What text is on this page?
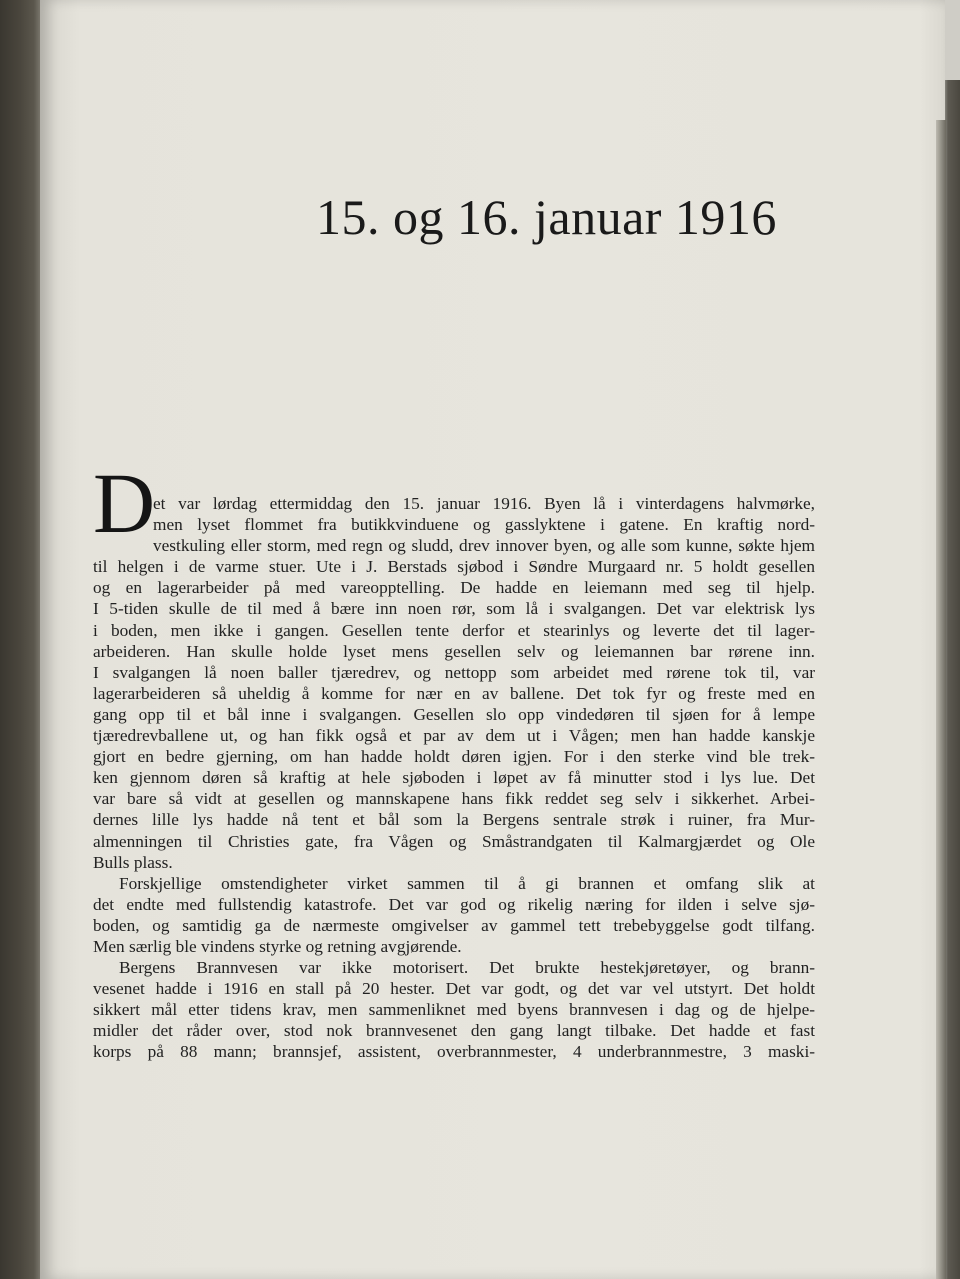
15. og 16. januar 1916
D
et var lørdag ettermiddag den 15. januar 1916. Byen lå i vinterdagens halvmørke,
men lyset flommet fra butikkvinduene og gasslyktene i gatene. En kraftig nord-
vestkuling eller storm, med regn og sludd, drev innover byen, og alle som kunne, søkte hjem
til helgen i de varme stuer. Ute i J. Berstads sjøbod i Søndre Murgaard nr. 5 holdt gesellen
og en lagerarbeider på med vareopptelling. De hadde en leiemann med seg til hjelp.
I 5-tiden skulle de til med å bære inn noen rør, som lå i svalgangen. Det var elektrisk lys
i boden, men ikke i gangen. Gesellen tente derfor et stearinlys og leverte det til lager-
arbeideren. Han skulle holde lyset mens gesellen selv og leiemannen bar rørene inn.
I svalgangen lå noen baller tjæredrev, og nettopp som arbeidet med rørene tok til, var
lagerarbeideren så uheldig å komme for nær en av ballene. Det tok fyr og freste med en
gang opp til et bål inne i svalgangen. Gesellen slo opp vindedøren til sjøen for å lempe
tjæredrevballene ut, og han fikk også et par av dem ut i Vågen; men han hadde kanskje
gjort en bedre gjerning, om han hadde holdt døren igjen. For i den sterke vind ble trek-
ken gjennom døren så kraftig at hele sjøboden i løpet av få minutter stod i lys lue. Det
var bare så vidt at gesellen og mannskapene hans fikk reddet seg selv i sikkerhet. Arbei-
dernes lille lys hadde nå tent et bål som la Bergens sentrale strøk i ruiner, fra Mur-
almenningen til Christies gate, fra Vågen og Småstrandgaten til Kalmargjærdet og Ole
Bulls plass.
Forskjellige omstendigheter virket sammen til å gi brannen et omfang slik at
det endte med fullstendig katastrofe. Det var god og rikelig næring for ilden i selve sjø-
boden, og samtidig ga de nærmeste omgivelser av gammel tett trebebyggelse godt tilfang.
Men særlig ble vindens styrke og retning avgjørende.
Bergens Brannvesen var ikke motorisert. Det brukte hestekjøretøyer, og brann-
vesenet hadde i 1916 en stall på 20 hester. Det var godt, og det var vel utstyrt. Det holdt
sikkert mål etter tidens krav, men sammenliknet med byens brannvesen i dag og de hjelpe-
midler det råder over, stod nok brannvesenet den gang langt tilbake. Det hadde et fast
korps på 88 mann; brannsjef, assistent, overbrannmester, 4 underbrannmestre, 3 maski-
